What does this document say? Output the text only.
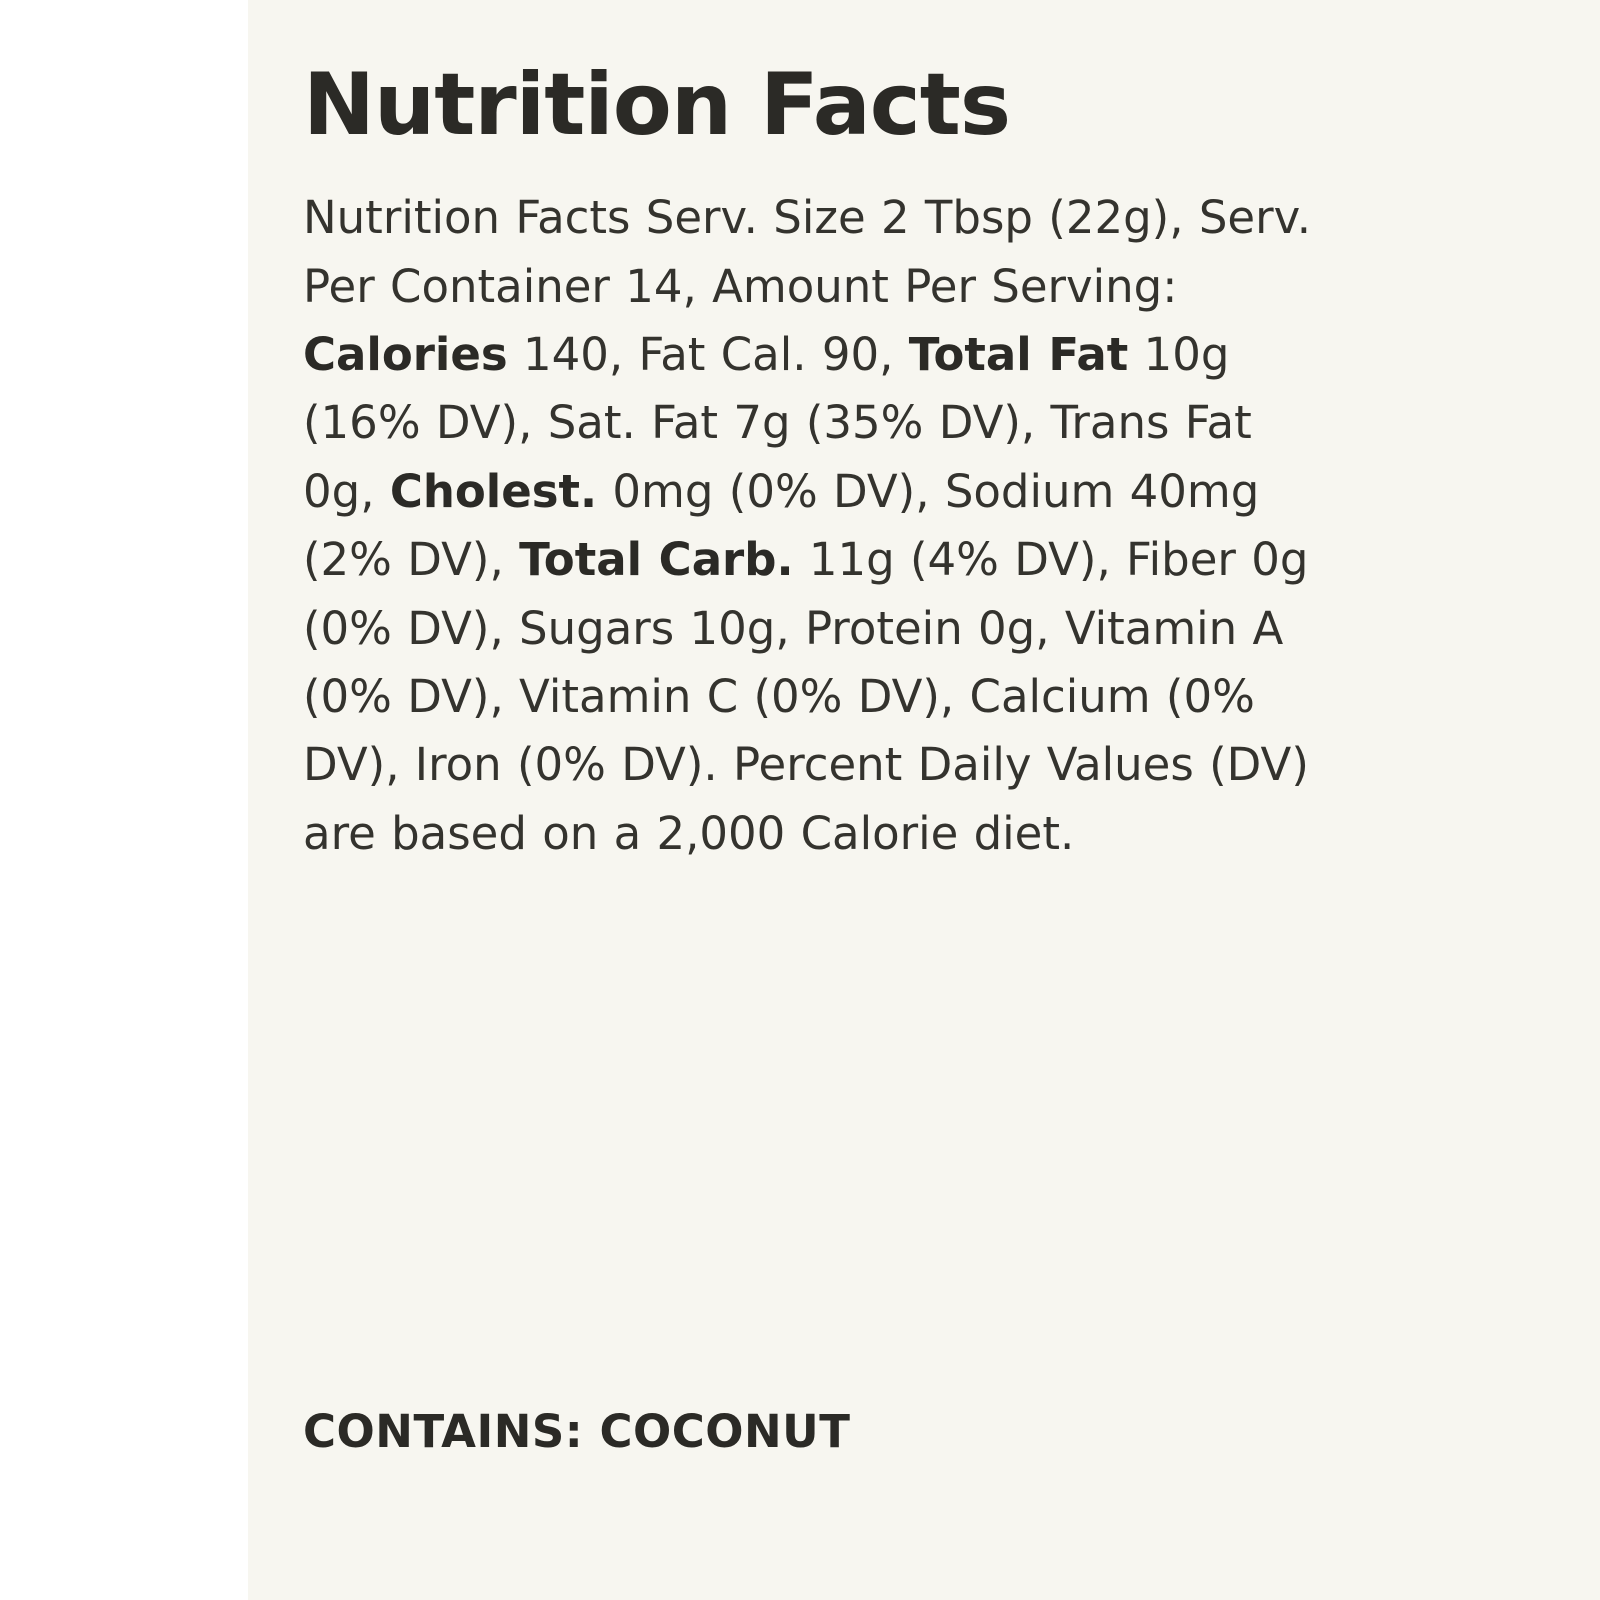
Nutrition Facts

Nutrition Facts Serv. Size 2 Tbsp (22g), Serv. Per Container 14, Amount Per Serving: Calories 140, Fat Cal. 90, Total Fat 10g (16% DV), Sat. Fat 7g (35% DV), Trans Fat 0g, Cholest. 0mg (0% DV), Sodium 40mg (2% DV), Total Carb. 11g (4% DV), Fiber 0g (0% DV), Sugars 10g, Protein 0g, Vitamin A (0% DV), Vitamin C (0% DV), Calcium (0% DV), Iron (0% DV). Percent Daily Values (DV) are based on a 2,000 Calorie diet.

CONTAINS: COCONUT
